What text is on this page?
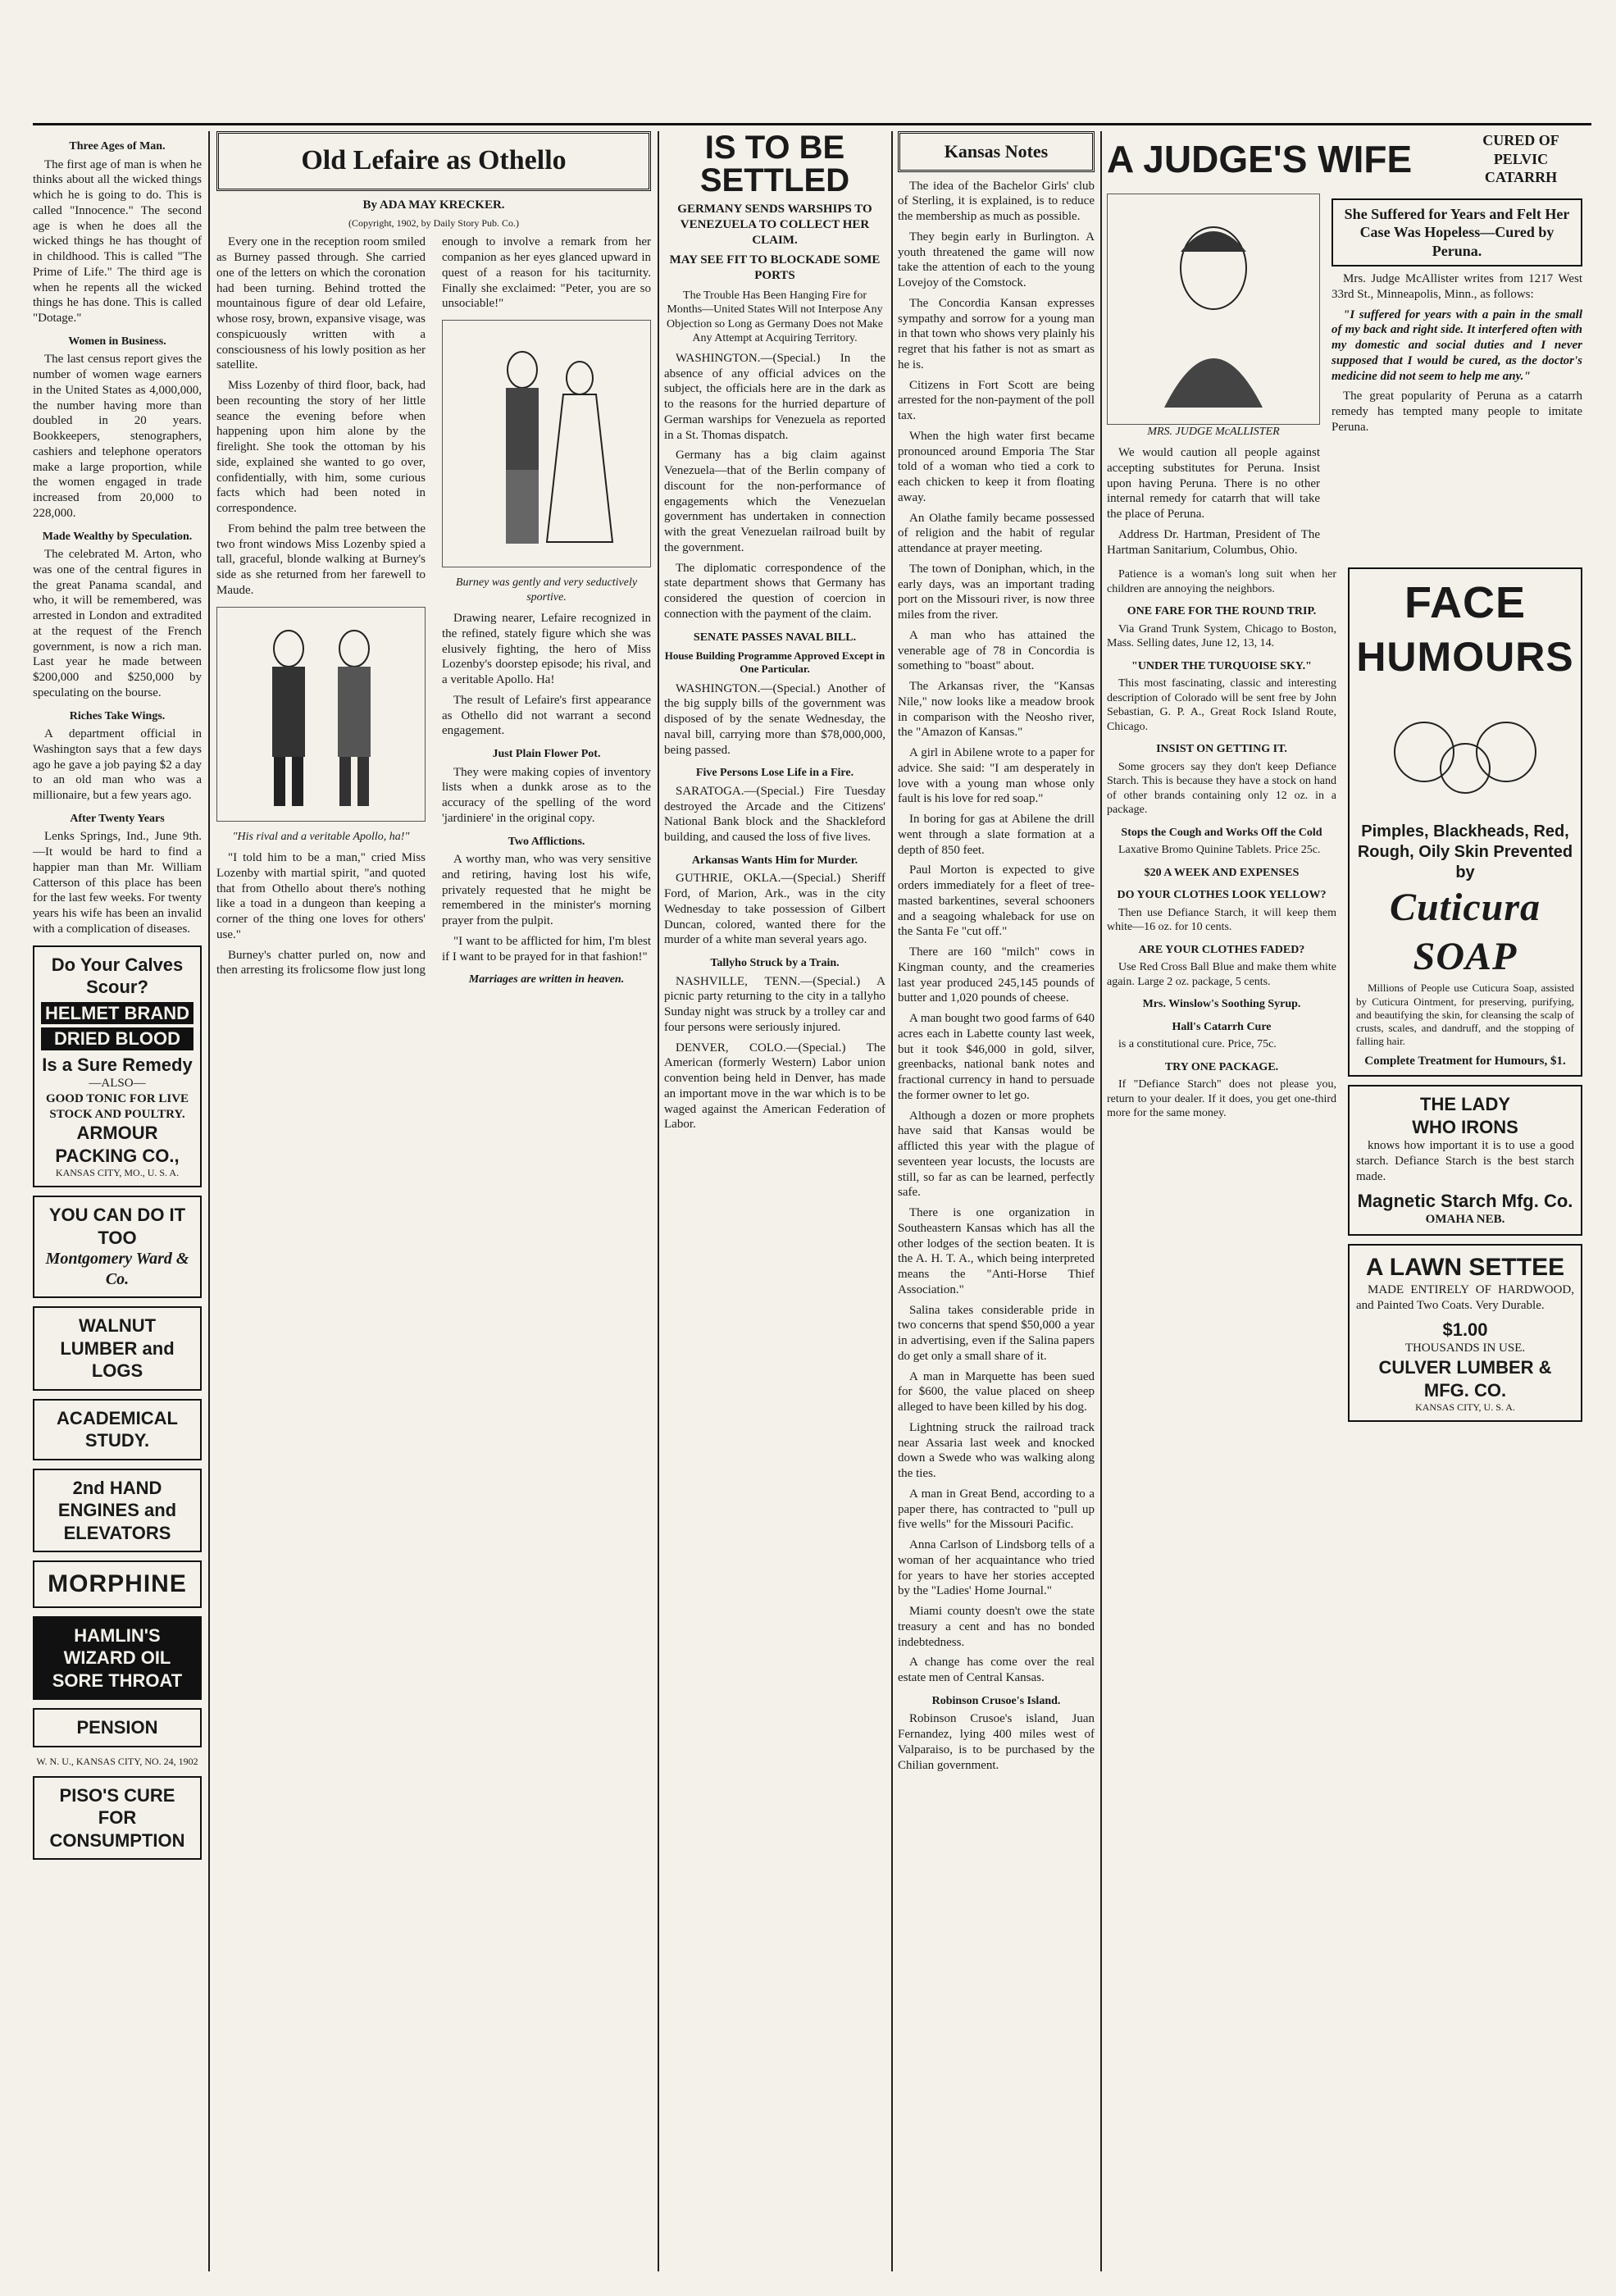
Three Ages of Man.

The first age of man is when he thinks about all the wicked things which he is going to do. This is called "Innocence." The second age is when he does all the wicked things he has thought of in childhood. This is called "The Prime of Life." The third age is when he repents all the wicked things he has done. This is called "Dotage."

Women in Business.

The last census report gives the number of women wage earners in the United States as 4,000,000, the number having more than doubled in 20 years. Bookkeepers, stenographers, cashiers and telephone operators make a large proportion, while the women engaged in trade increased from 20,000 to 228,000.

Made Wealthy by Speculation.

The celebrated M. Arton, who was one of the central figures in the great Panama scandal, and who, it will be remembered, was arrested in London and extradited at the request of the French government, is now a rich man. Last year he made between $200,000 and $250,000 by speculating on the bourse.

Riches Take Wings.

A department official in Washington says that a few days ago he gave a job paying $2 a day to an old man who was a millionaire, but a few years ago.

After Twenty Years

Lenks Springs, Ind., June 9th.—It would be hard to find a happier man than Mr. William Catterson of this place has been for the last few weeks. For twenty years his wife has been an invalid with a complication of diseases.

Do Your Calves Scour?
HELMET BRAND
DRIED BLOOD
Is a Sure Remedy
—ALSO—
GOOD TONIC FOR LIVE STOCK AND POULTRY.
ARMOUR PACKING CO.,
KANSAS CITY, MO., U. S. A.
YOU CAN DO IT TOO
Montgomery Ward & Co.
WALNUT LUMBER and LOGS
ACADEMICAL STUDY.
2nd HAND ENGINES and ELEVATORS
MORPHINE
HAMLIN'S WIZARD OIL SORE THROAT
PENSION
W. N. U., KANSAS CITY, NO. 24, 1902
PISO'S CURE FOR CONSUMPTION
Old Lefaire as Othello
By ADA MAY KRECKER.
(Copyright, 1902, by Daily Story Pub. Co.)

Every one in the reception room smiled as Burney passed through. She carried one of the letters on which the coronation had been turning. Behind trotted the mountainous figure of dear old Lefaire, whose rosy, brown, expansive visage, was conspicuously written with a consciousness of his lowly position as her satellite.

Miss Lozenby of third floor, back, had been recounting the story of her little seance the evening before when happening upon him alone by the firelight. She took the ottoman by his side, explained she wanted to go over, confidentially, with him, some curious facts which had been noted in correspondence.

From behind the palm tree between the two front windows Miss Lozenby spied a tall, graceful, blonde walking at Burney's side as she returned from her farewell to Maude.

"His rival and a veritable Apollo, ha!"

"I told him to be a man," cried Miss Lozenby with martial spirit, "and quoted that from Othello about there's nothing like a toad in a dungeon than keeping a corner of the thing one loves for others' use."

Burney's chatter purled on, now and then arresting its frolicsome flow just long enough to involve a remark from her companion as her eyes glanced upward in quest of a reason for his taciturnity. Finally she exclaimed: "Peter, you are so unsociable!"

Burney was gently and very seductively sportive.

Drawing nearer, Lefaire recognized in the refined, stately figure which she was elusively fighting, the hero of Miss Lozenby's doorstep episode; his rival, and a veritable Apollo. Ha!

The result of Lefaire's first appearance as Othello did not warrant a second engagement.

Just Plain Flower Pot.

They were making copies of inventory lists when a dunkk arose as to the accuracy of the spelling of the word 'jardiniere' in the original copy.

Two Afflictions.

A worthy man, who was very sensitive and retiring, having lost his wife, privately requested that he might be remembered in the minister's morning prayer from the pulpit.

"I want to be afflicted for him, I'm blest if I want to be prayed for in that fashion!"

Marriages are written in heaven.
IS TO BE SETTLED
GERMANY SENDS WARSHIPS TO VENEZUELA TO COLLECT HER CLAIM.
MAY SEE FIT TO BLOCKADE SOME PORTS
The Trouble Has Been Hanging Fire for Months—United States Will not Interpose Any Objection so Long as Germany Does not Make Any Attempt at Acquiring Territory.

WASHINGTON.—(Special.) In the absence of any official advices on the subject, the officials here are in the dark as to the reasons for the hurried departure of German warships for Venezuela as reported in a St. Thomas dispatch.

Germany has a big claim against Venezuela—that of the Berlin company of discount for the non-performance of engagements which the Venezuelan government has undertaken in connection with the great Venezuelan railroad built by the government.

The diplomatic correspondence of the state department shows that Germany has considered the question of coercion in connection with the payment of the claim.

SENATE PASSES NAVAL BILL.
House Building Programme Approved Except in One Particular.

WASHINGTON.—(Special.) Another of the big supply bills of the government was disposed of by the senate Wednesday, the naval bill, carrying more than $78,000,000, being passed.

Five Persons Lose Life in a Fire.

SARATOGA.—(Special.) Fire Tuesday destroyed the Arcade and the Citizens' National Bank block and the Shackleford building, and caused the loss of five lives.

Arkansas Wants Him for Murder.

GUTHRIE, OKLA.—(Special.) Sheriff Ford, of Marion, Ark., was in the city Wednesday to take possession of Gilbert Duncan, colored, wanted there for the murder of a white man several years ago.

Tallyho Struck by a Train.

NASHVILLE, TENN.—(Special.) A picnic party returning to the city in a tallyho Sunday night was struck by a trolley car and four persons were seriously injured.

DENVER, COLO.—(Special.) The American (formerly Western) Labor union convention being held in Denver, has made an important move in the war which is to be waged against the American Federation of Labor.

Kansas Notes

The idea of the Bachelor Girls' club of Sterling, it is explained, is to reduce the membership as much as possible.

They begin early in Burlington. A youth threatened the game will now take the attention of each to the young Lovejoy of the Comstock.

The Concordia Kansan expresses sympathy and sorrow for a young man in that town who shows very plainly his regret that his father is not as smart as he is.

Citizens in Fort Scott are being arrested for the non-payment of the poll tax.

When the high water first became pronounced around Emporia The Star told of a woman who tied a cork to each chicken to keep it from floating away.

An Olathe family became possessed of religion and the habit of regular attendance at prayer meeting.

The town of Doniphan, which, in the early days, was an important trading port on the Missouri river, is now three miles from the river.

A man who has attained the venerable age of 78 in Concordia is something to "boast" about.

The Arkansas river, the "Kansas Nile," now looks like a meadow brook in comparison with the Neosho river, the "Amazon of Kansas."

A girl in Abilene wrote to a paper for advice. She said: "I am desperately in love with a young man whose only fault is his love for red soap."

In boring for gas at Abilene the drill went through a slate formation at a depth of 850 feet.

Paul Morton is expected to give orders immediately for a fleet of tree-masted barkentines, several schooners and a seagoing whaleback for use on the Santa Fe "cut off."

There are 160 "milch" cows in Kingman county, and the creameries last year produced 245,145 pounds of butter and 1,020 pounds of cheese.

A man bought two good farms of 640 acres each in Labette county last week, but it took $46,000 in gold, silver, greenbacks, national bank notes and fractional currency in hand to persuade the former owner to let go.

Although a dozen or more prophets have said that Kansas would be afflicted this year with the plague of seventeen year locusts, the locusts are still, so far as can be learned, perfectly safe.

There is one organization in Southeastern Kansas which has all the other lodges of the section beaten. It is the A. H. T. A., which being interpreted means the "Anti-Horse Thief Association."

Salina takes considerable pride in two concerns that spend $50,000 a year in advertising, even if the Salina papers do get only a small share of it.

A man in Marquette has been sued for $600, the value placed on sheep alleged to have been killed by his dog.

Lightning struck the railroad track near Assaria last week and knocked down a Swede who was walking along the ties.

A man in Great Bend, according to a paper there, has contracted to "pull up five wells" for the Missouri Pacific.

Anna Carlson of Lindsborg tells of a woman of her acquaintance who tried for years to have her stories accepted by the "Ladies' Home Journal."

Miami county doesn't owe the state treasury a cent and has no bonded indebtedness.

A change has come over the real estate men of Central Kansas.

Robinson Crusoe's Island.

Robinson Crusoe's island, Juan Fernandez, lying 400 miles west of Valparaiso, is to be purchased by the Chilian government.

A JUDGE'S WIFE	CURED OF PELVIC CATARRH
MRS. JUDGE McALLISTER

We would caution all people against accepting substitutes for Peruna. Insist upon having Peruna. There is no other internal remedy for catarrh that will take the place of Peruna.

Address Dr. Hartman, President of The Hartman Sanitarium, Columbus, Ohio.

She Suffered for Years and Felt Her Case Was Hopeless—Cured by Peruna.

Mrs. Judge McAllister writes from 1217 West 33rd St., Minneapolis, Minn., as follows:

"I suffered for years with a pain in the small of my back and right side. It interfered often with my domestic and social duties and I never supposed that I would be cured, as the doctor's medicine did not seem to help me any."

The great popularity of Peruna as a catarrh remedy has tempted many people to imitate Peruna.

Patience is a woman's long suit when her children are annoying the neighbors.

ONE FARE FOR THE ROUND TRIP.

Via Grand Trunk System, Chicago to Boston, Mass. Selling dates, June 12, 13, 14.

"UNDER THE TURQUOISE SKY."

This most fascinating, classic and interesting description of Colorado will be sent free by John Sebastian, G. P. A., Great Rock Island Route, Chicago.

INSIST ON GETTING IT.

Some grocers say they don't keep Defiance Starch. This is because they have a stock on hand of other brands containing only 12 oz. in a package.

Stops the Cough and Works Off the Cold

Laxative Bromo Quinine Tablets. Price 25c.

$20 A WEEK AND EXPENSES
DO YOUR CLOTHES LOOK YELLOW?

Then use Defiance Starch, it will keep them white—16 oz. for 10 cents.

ARE YOUR CLOTHES FADED?

Use Red Cross Ball Blue and make them white again. Large 2 oz. package, 5 cents.

Mrs. Winslow's Soothing Syrup.
Hall's Catarrh Cure

is a constitutional cure. Price, 75c.

TRY ONE PACKAGE.

If "Defiance Starch" does not please you, return to your dealer. If it does, you get one-third more for the same money.

FACE
HUMOURS
Pimples, Blackheads, Red, Rough, Oily Skin Prevented by
Cuticura SOAP

Millions of People use Cuticura Soap, assisted by Cuticura Ointment, for preserving, purifying, and beautifying the skin, for cleansing the scalp of crusts, scales, and dandruff, and the stopping of falling hair.

Complete Treatment for Humours, $1.
THE LADY
WHO IRONS

knows how important it is to use a good starch. Defiance Starch is the best starch made.

Magnetic Starch Mfg. Co.
OMAHA NEB.
A LAWN SETTEE

MADE ENTIRELY OF HARDWOOD, and Painted Two Coats. Very Durable.

$1.00
THOUSANDS IN USE.
CULVER LUMBER & MFG. CO.
KANSAS CITY, U. S. A.
